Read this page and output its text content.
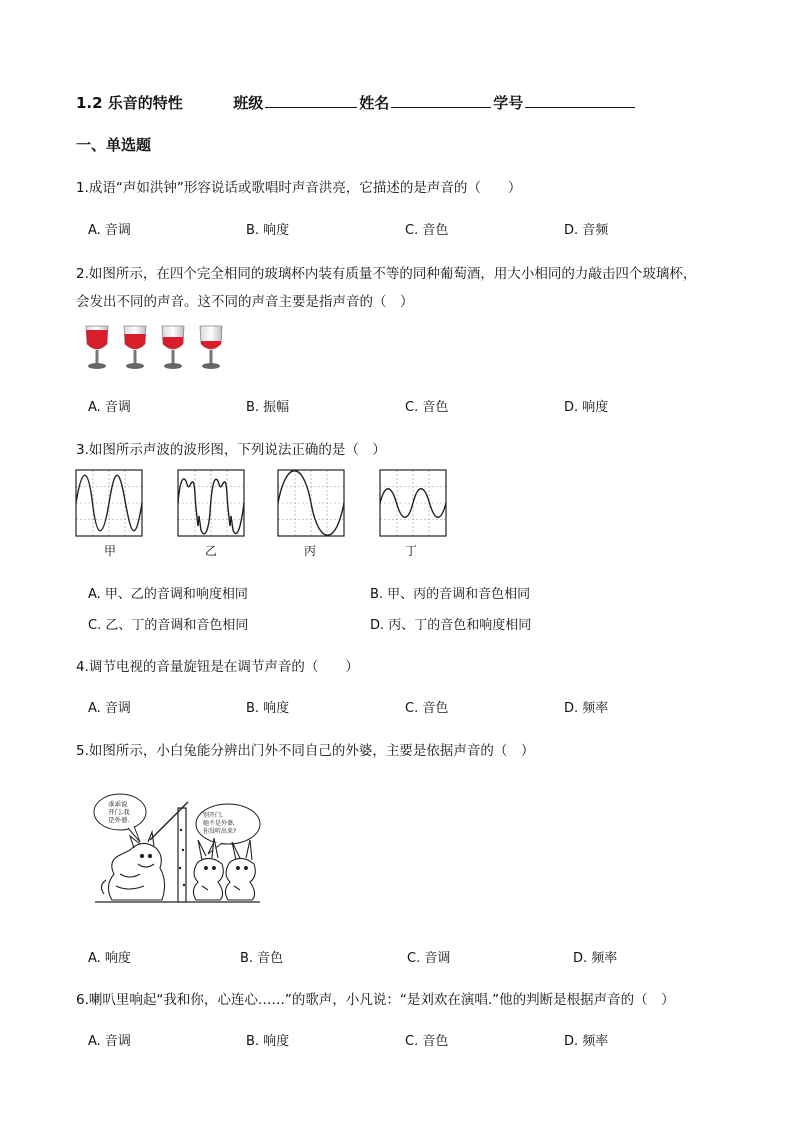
1.2 乐音的特性	班级	姓名	学号
一、单选题
1.成语“声如洪钟”形容说话或歌唱时声音洪亮，它描述的是声音的（　　）
A. 音调	B. 响度	C. 音色	D. 音频
2.如图所示，在四个完全相同的玻璃杯内装有质量不等的同种葡萄酒，用大小相同的力敲击四个玻璃杯，
会发出不同的声音。这不同的声音主要是指声音的（　）
A. 音调	B. 振幅	C. 音色	D. 响度
3.如图所示声波的波形图，下列说法正确的是（　）
甲	乙	丙	丁
A. 甲、乙的音调和响度相同	B. 甲、丙的音调和音色相同
C. 乙、丁的音调和音色相同	D. 丙、丁的音色和响度相同
4.调节电视的音量旋钮是在调节声音的（　　）
A. 音调	B. 响度	C. 音色	D. 频率
5.如图所示，小白兔能分辨出门外不同自己的外婆，主要是依据声音的（　）
乖乖说
开门,我
是外婆.
别开门,
她不是外婆,
你没听出来?
A. 响度	B. 音色	C. 音调	D. 频率
6.喇叭里响起“我和你，心连心……”的歌声，小凡说：“是刘欢在演唱.”他的判断是根据声音的（　）
A. 音调	B. 响度	C. 音色	D. 频率
